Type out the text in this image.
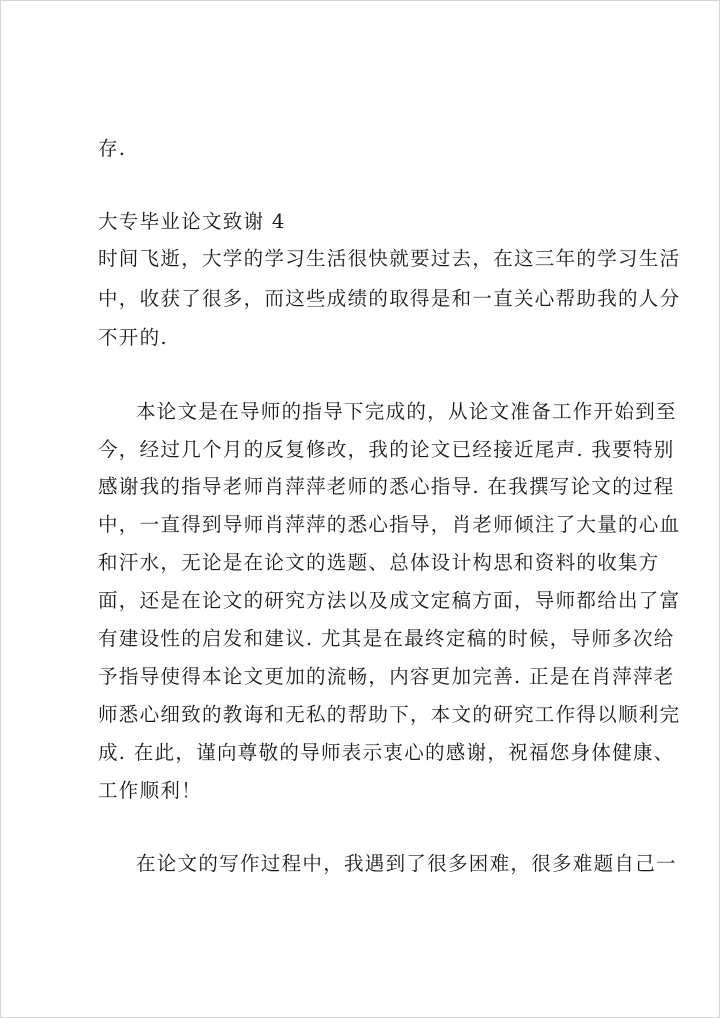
存.
大专毕业论文致谢 4
时间飞逝，大学的学习生活很快就要过去，在这三年的学习生活
中，收获了很多，而这些成绩的取得是和一直关心帮助我的人分
不开的.
本论文是在导师的指导下完成的，从论文准备工作开始到至
今，经过几个月的反复修改，我的论文已经接近尾声. 我要特别
感谢我的指导老师肖萍萍老师的悉心指导. 在我撰写论文的过程
中，一直得到导师肖萍萍的悉心指导，肖老师倾注了大量的心血
和汗水，无论是在论文的选题、总体设计构思和资料的收集方
面，还是在论文的研究方法以及成文定稿方面，导师都给出了富
有建设性的启发和建议. 尤其是在最终定稿的时候，导师多次给
予指导使得本论文更加的流畅，内容更加完善. 正是在肖萍萍老
师悉心细致的教诲和无私的帮助下，本文的研究工作得以顺利完
成. 在此，谨向尊敬的导师表示衷心的感谢，祝福您身体健康、
工作顺利！
在论文的写作过程中，我遇到了很多困难，很多难题自己一
